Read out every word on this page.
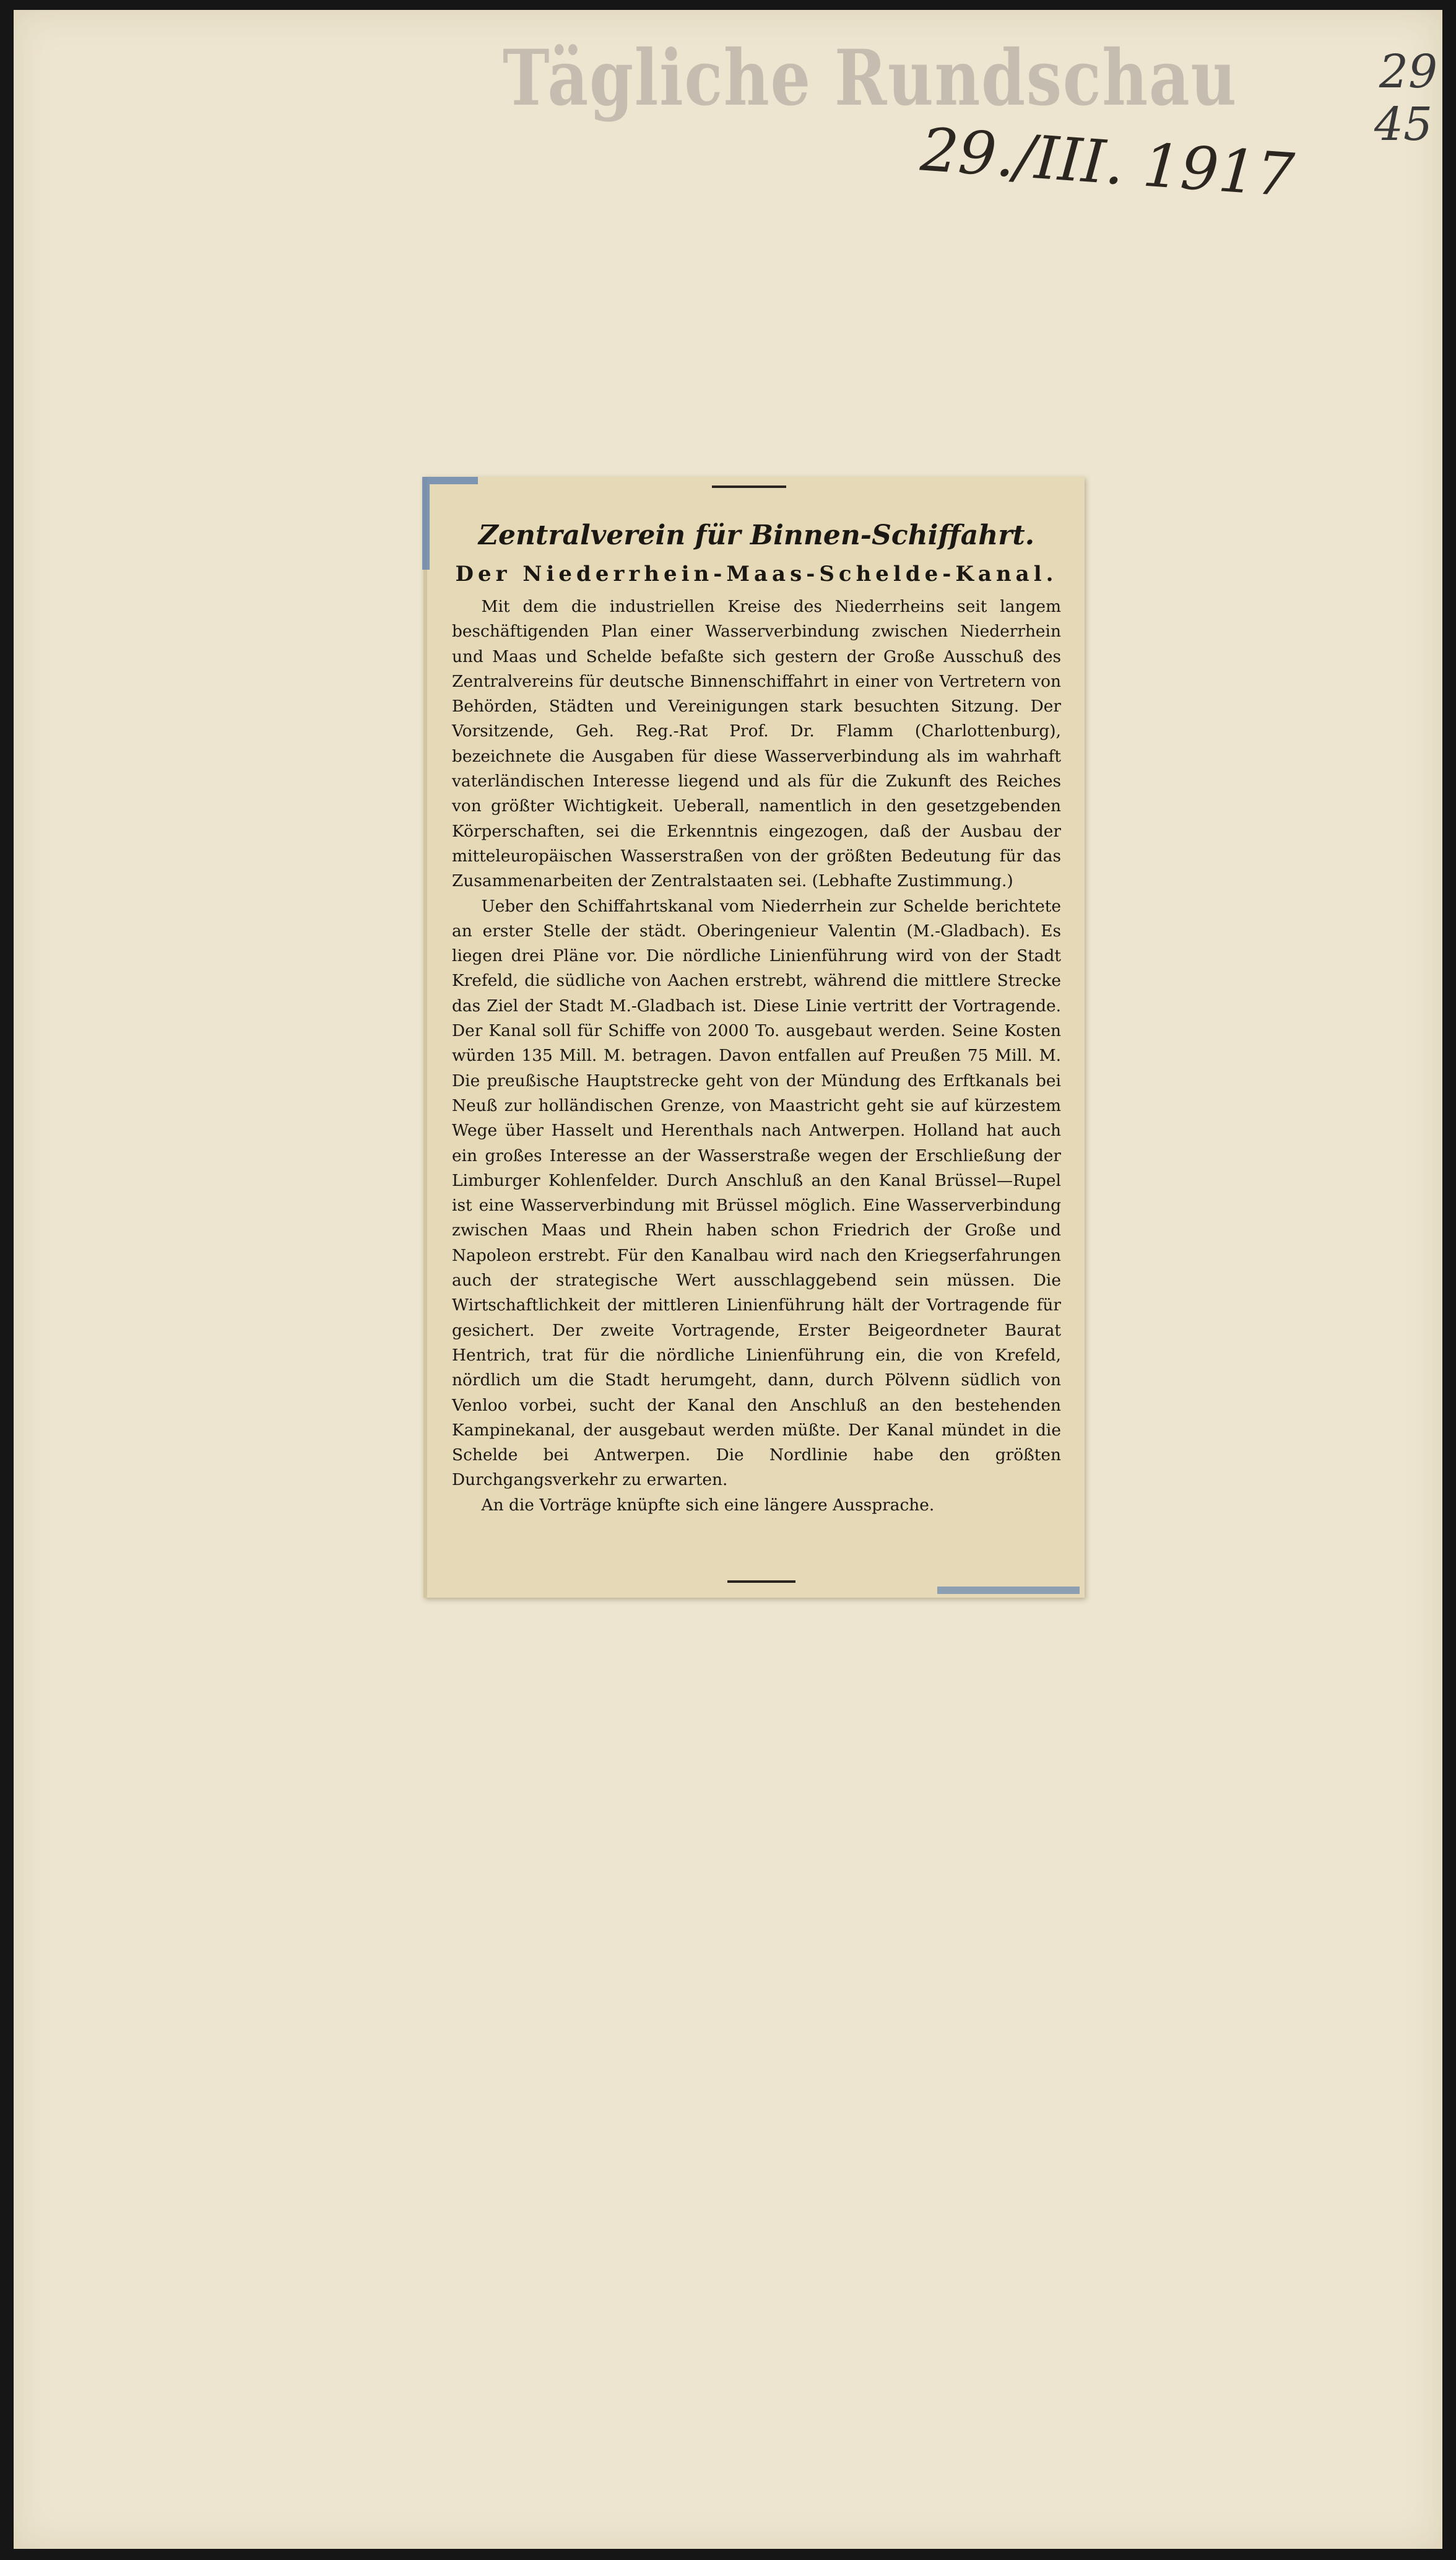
Tägliche Rundschau
29./III. 1917
29
45
Zentralverein für Binnen-Schiffahrt.
Der Niederrhein-Maas-Schelde-Kanal.

Mit dem die industriellen Kreise des Niederrheins seit langem beschäftigenden Plan einer Wasserverbindung zwischen Niederrhein und Maas und Schelde befaßte sich gestern der Große Ausschuß des Zentralvereins für deutsche Binnenschiffahrt in einer von Vertretern von Behörden, Städten und Vereinigungen stark besuchten Sitzung. Der Vorsitzende, Geh. Reg.-Rat Prof. Dr. Flamm (Charlottenburg), bezeichnete die Ausgaben für diese Wasserverbindung als im wahrhaft vaterländischen Interesse liegend und als für die Zukunft des Reiches von größter Wichtigkeit. Ueberall, namentlich in den gesetzgebenden Körperschaften, sei die Erkenntnis eingezogen, daß der Ausbau der mitteleuropäischen Wasserstraßen von der größten Bedeutung für das Zusammenarbeiten der Zentralstaaten sei. (Lebhafte Zustimmung.)

Ueber den Schiffahrtskanal vom Niederrhein zur Schelde berichtete an erster Stelle der städt. Oberingenieur Valentin (M.-Gladbach). Es liegen drei Pläne vor. Die nördliche Linienführung wird von der Stadt Krefeld, die südliche von Aachen erstrebt, während die mittlere Strecke das Ziel der Stadt M.-Gladbach ist. Diese Linie vertritt der Vortragende. Der Kanal soll für Schiffe von 2000 To. ausgebaut werden. Seine Kosten würden 135 Mill. M. betragen. Davon entfallen auf Preußen 75 Mill. M. Die preußische Hauptstrecke geht von der Mündung des Erftkanals bei Neuß zur holländischen Grenze, von Maastricht geht sie auf kürzestem Wege über Hasselt und Herenthals nach Antwerpen. Holland hat auch ein großes Interesse an der Wasserstraße wegen der Erschließung der Limburger Kohlenfelder. Durch Anschluß an den Kanal Brüssel—Rupel ist eine Wasserverbindung mit Brüssel möglich. Eine Wasserverbindung zwischen Maas und Rhein haben schon Friedrich der Große und Napoleon erstrebt. Für den Kanalbau wird nach den Kriegserfahrungen auch der strategische Wert ausschlaggebend sein müssen. Die Wirtschaftlichkeit der mittleren Linienführung hält der Vortragende für gesichert. Der zweite Vortragende, Erster Beigeordneter Baurat Hentrich, trat für die nördliche Linienführung ein, die von Krefeld, nördlich um die Stadt herumgeht, dann, durch Pölvenn südlich von Venloo vorbei, sucht der Kanal den Anschluß an den bestehenden Kampinekanal, der ausgebaut werden müßte. Der Kanal mündet in die Schelde bei Antwerpen. Die Nordlinie habe den größten Durchgangsverkehr zu erwarten.

An die Vorträge knüpfte sich eine längere Aussprache.
